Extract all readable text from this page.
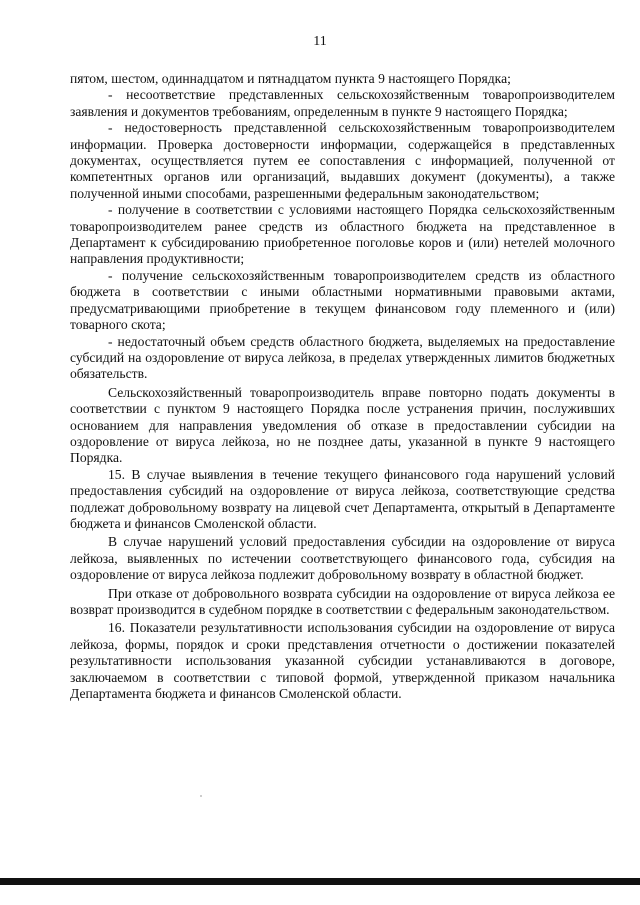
11

пятом, шестом, одиннадцатом и пятнадцатом пункта 9 настоящего Порядка;

- несоответствие представленных сельскохозяйственным товаропроизводителем заявления и документов требованиям, определенным в пункте 9 настоящего Порядка;

- недостоверность представленной сельскохозяйственным товаропроизводителем информации. Проверка достоверности информации, содержащейся в представленных документах, осуществляется путем ее сопоставления с информацией, полученной от компетентных органов или организаций, выдавших документ (документы), а также полученной иными способами, разрешенными федеральным законодательством;

- получение в соответствии с условиями настоящего Порядка сельскохозяйственным товаропроизводителем ранее средств из областного бюджета на представленное в Департамент к субсидированию приобретенное поголовье коров и (или) нетелей молочного направления продуктивности;

- получение сельскохозяйственным товаропроизводителем средств из областного бюджета в соответствии с иными областными нормативными правовыми актами, предусматривающими приобретение в текущем финансовом году племенного и (или) товарного скота;

- недостаточный объем средств областного бюджета, выделяемых на предоставление субсидий на оздоровление от вируса лейкоза, в пределах утвержденных лимитов бюджетных обязательств.

Сельскохозяйственный товаропроизводитель вправе повторно подать документы в соответствии с пунктом 9 настоящего Порядка после устранения причин, послуживших основанием для направления уведомления об отказе в предоставлении субсидии на оздоровление от вируса лейкоза, но не позднее даты, указанной в пункте 9 настоящего Порядка.

15. В случае выявления в течение текущего финансового года нарушений условий предоставления субсидий на оздоровление от вируса лейкоза, соответствующие средства подлежат добровольному возврату на лицевой счет Департамента, открытый в Департаменте бюджета и финансов Смоленской области.

В случае нарушений условий предоставления субсидии на оздоровление от вируса лейкоза, выявленных по истечении соответствующего финансового года, субсидия на оздоровление от вируса лейкоза подлежит добровольному возврату в областной бюджет.

При отказе от добровольного возврата субсидии на оздоровление от вируса лейкоза ее возврат производится в судебном порядке в соответствии с федеральным законодательством.

16. Показатели результативности использования субсидии на оздоровление от вируса лейкоза, формы, порядок и сроки представления отчетности о достижении показателей результативности использования указанной субсидии устанавливаются в договоре, заключаемом в соответствии с типовой формой, утвержденной приказом начальника Департамента бюджета и финансов Смоленской области.
